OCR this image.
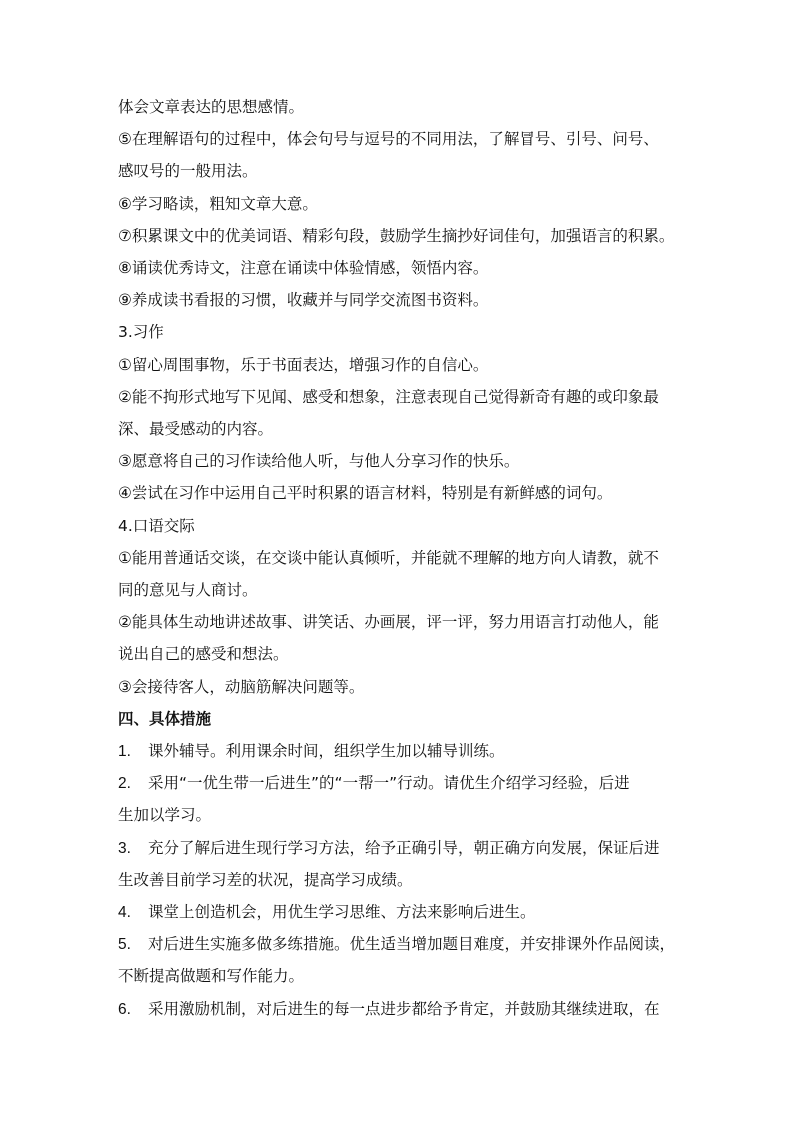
体会文章表达的思想感情。
⑤在理解语句的过程中，体会句号与逗号的不同用法，了解冒号、引号、问号、
感叹号的一般用法。
⑥学习略读，粗知文章大意。
⑦积累课文中的优美词语、精彩句段，鼓励学生摘抄好词佳句，加强语言的积累。
⑧诵读优秀诗文，注意在诵读中体验情感，领悟内容。
⑨养成读书看报的习惯，收藏并与同学交流图书资料。
3.习作
①留心周围事物，乐于书面表达，增强习作的自信心。
②能不拘形式地写下见闻、感受和想象，注意表现自己觉得新奇有趣的或印象最
深、最受感动的内容。
③愿意将自己的习作读给他人听，与他人分享习作的快乐。
④尝试在习作中运用自己平时积累的语言材料，特别是有新鲜感的词句。
4.口语交际
①能用普通话交谈，在交谈中能认真倾听，并能就不理解的地方向人请教，就不
同的意见与人商讨。
②能具体生动地讲述故事、讲笑话、办画展，评一评，努力用语言打动他人，能
说出自己的感受和想法。
③会接待客人，动脑筋解决问题等。
四、具体措施
1. 课外辅导。利用课余时间，组织学生加以辅导训练。
2. 采用“一优生带一后进生”的“一帮一”行动。请优生介绍学习经验，后进
生加以学习。
3. 充分了解后进生现行学习方法，给予正确引导，朝正确方向发展，保证后进
生改善目前学习差的状况，提高学习成绩。
4. 课堂上创造机会，用优生学习思维、方法来影响后进生。
5. 对后进生实施多做多练措施。优生适当增加题目难度，并安排课外作品阅读，
不断提高做题和写作能力。
6. 采用激励机制，对后进生的每一点进步都给予肯定，并鼓励其继续进取，在
